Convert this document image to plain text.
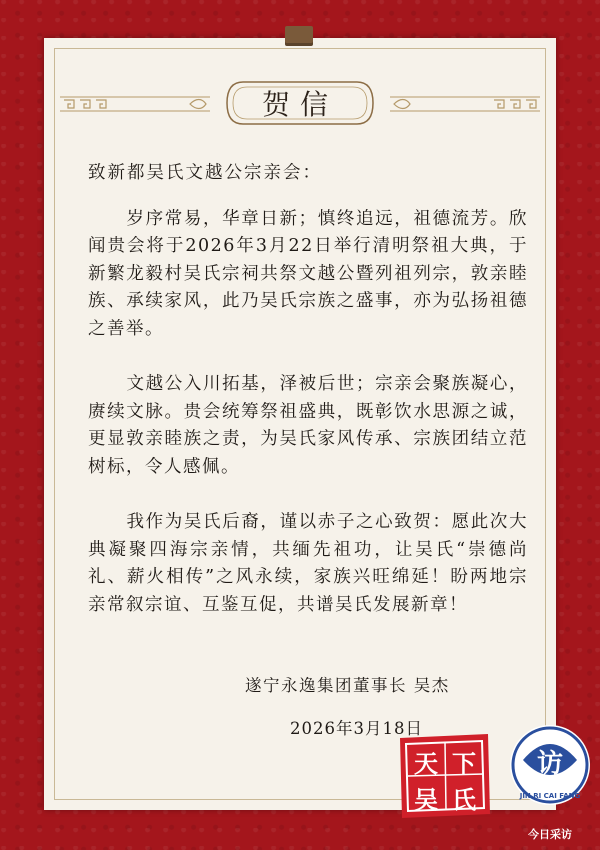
贺信

致新都吴氏文越公宗亲会：

岁序常易，华章日新；慎终追远，祖德流芳。欣闻贵会将于2026年3月22日举行清明祭祖大典，于新繁龙毅村吴氏宗祠共祭文越公暨列祖列宗，敦亲睦族、承续家风，此乃吴氏宗族之盛事，亦为弘扬祖德之善举。

文越公入川拓基，泽被后世；宗亲会聚族凝心，赓续文脉。贵会统筹祭祖盛典，既彰饮水思源之诚，更显敦亲睦族之责，为吴氏家风传承、宗族团结立范树标，令人感佩。

我作为吴氏后裔，谨以赤子之心致贺：愿此次大典凝聚四海宗亲情，共缅先祖功，让吴氏“崇德尚礼、薪火相传”之风永续，家族兴旺绵延！盼两地宗亲常叙宗谊、互鉴互促，共谱吴氏发展新章！

遂宁永逸集团董事长 吴杰
2026年3月18日
天 下
吴 氏
访
JIN RI CAI FANG
今日采访
